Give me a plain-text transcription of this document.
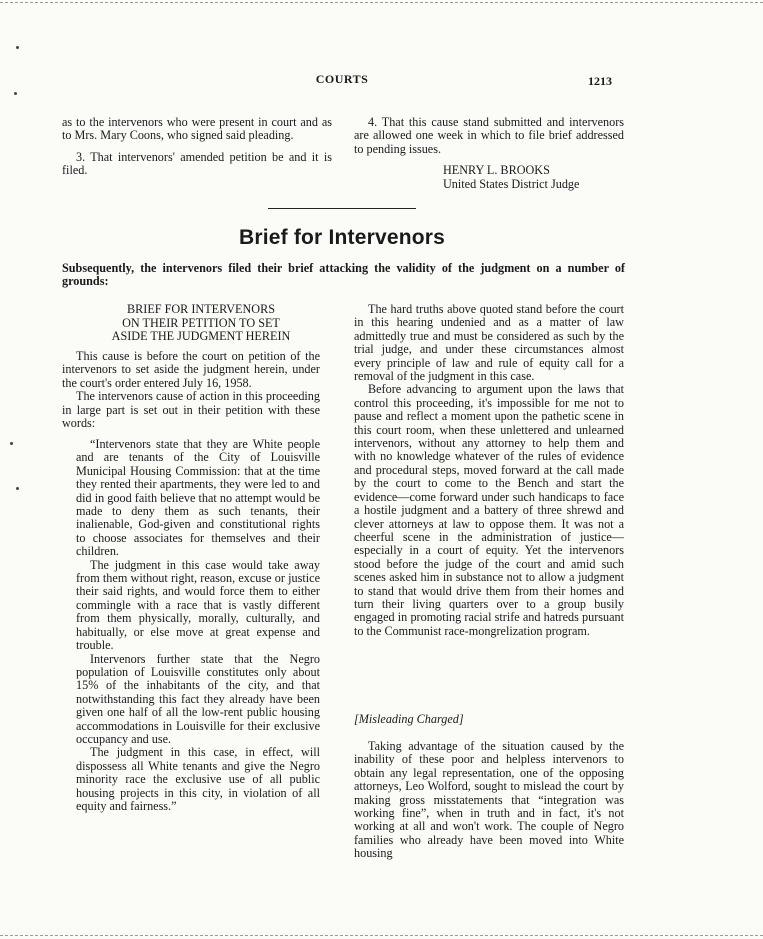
COURTS	1213

as to the intervenors who were present in court and as to Mrs. Mary Coons, who signed said pleading.

3. That intervenors' amended petition be and it is filed.

4. That this cause stand submitted and intervenors are allowed one week in which to file brief addressed to pending issues.

HENRY L. BROOKS
United States District Judge
Brief for Intervenors
Subsequently, the intervenors filed their brief attacking the validity of the judgment on a number of grounds:
BRIEF FOR INTERVENORS
ON THEIR PETITION TO SET
ASIDE THE JUDGMENT HEREIN

This cause is before the court on petition of the intervenors to set aside the judgment herein, under the court's order entered July 16, 1958.

The intervenors cause of action in this proceeding in large part is set out in their petition with these words:

“Intervenors state that they are White people and are tenants of the City of Louisville Municipal Housing Commission: that at the time they rented their apartments, they were led to and did in good faith believe that no attempt would be made to deny them as such tenants, their inalienable, God-given and constitutional rights to choose associates for themselves and their children.

The judgment in this case would take away from them without right, reason, excuse or justice their said rights, and would force them to either commingle with a race that is vastly different from them physically, morally, culturally, and habitually, or else move at great expense and trouble.

Intervenors further state that the Negro population of Louisville constitutes only about 15% of the inhabitants of the city, and that notwithstanding this fact they already have been given one half of all the low-rent public housing accommodations in Louisville for their exclusive occupancy and use.

The judgment in this case, in effect, will dispossess all White tenants and give the Negro minority race the exclusive use of all public housing projects in this city, in violation of all equity and fairness.”

The hard truths above quoted stand before the court in this hearing undenied and as a matter of law admittedly true and must be considered as such by the trial judge, and under these circumstances almost every principle of law and rule of equity call for a removal of the judgment in this case.

Before advancing to argument upon the laws that control this proceeding, it's impossible for me not to pause and reflect a moment upon the pathetic scene in this court room, when these unlettered and unlearned intervenors, without any attorney to help them and with no knowledge whatever of the rules of evidence and procedural steps, moved forward at the call made by the court to come to the Bench and start the evidence—come forward under such handicaps to face a hostile judgment and a battery of three shrewd and clever attorneys at law to oppose them. It was not a cheerful scene in the administration of justice—especially in a court of equity. Yet the intervenors stood before the judge of the court and amid such scenes asked him in substance not to allow a judgment to stand that would drive them from their homes and turn their living quarters over to a group busily engaged in promoting racial strife and hatreds pursuant to the Communist race-mongrelization program.

[Misleading Charged]

Taking advantage of the situation caused by the inability of these poor and helpless intervenors to obtain any legal representation, one of the opposing attorneys, Leo Wolford, sought to mislead the court by making gross misstatements that “integration was working fine”, when in truth and in fact, it's not working at all and won't work. The couple of Negro families who already have been moved into White housing
